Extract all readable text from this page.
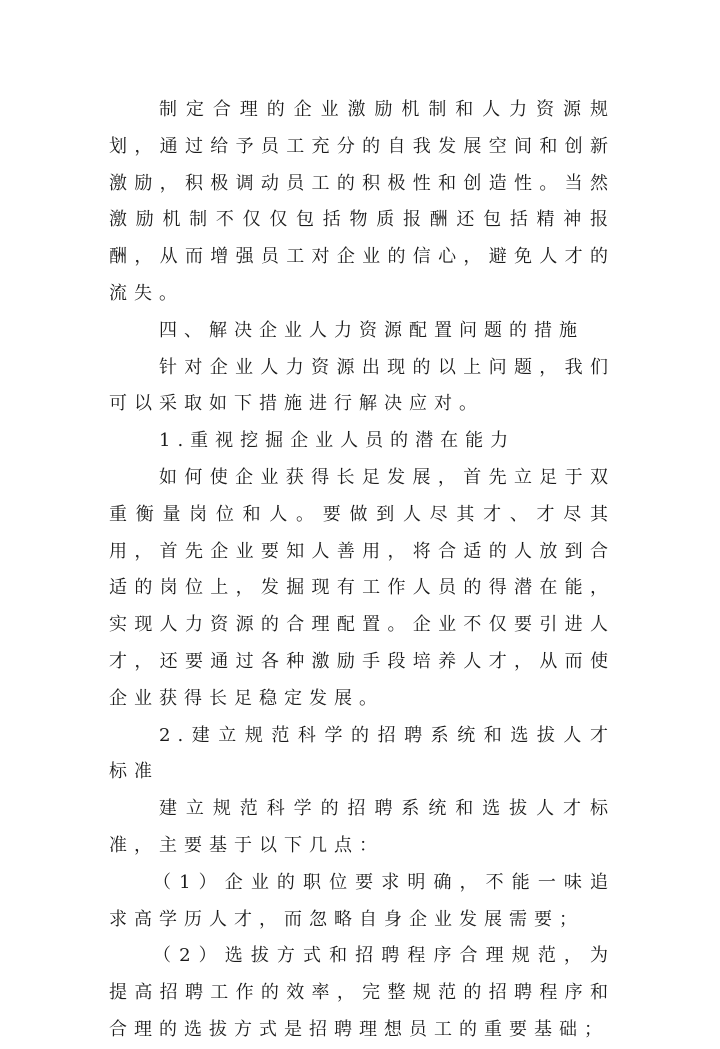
制定合理的企业激励机制和人力资源规划，通过给予员工充分的自我发展空间和创新激励，积极调动员工的积极性和创造性。当然激励机制不仅仅包括物质报酬还包括精神报酬，从而增强员工对企业的信心，避免人才的流失。

四、解决企业人力资源配置问题的措施

针对企业人力资源出现的以上问题，我们可以采取如下措施进行解决应对。

1.重视挖掘企业人员的潜在能力

如何使企业获得长足发展，首先立足于双重衡量岗位和人。要做到人尽其才、才尽其用，首先企业要知人善用，将合适的人放到合适的岗位上，发掘现有工作人员的得潜在能，实现人力资源的合理配置。企业不仅要引进人才，还要通过各种激励手段培养人才，从而使企业获得长足稳定发展。

2.建立规范科学的招聘系统和选拔人才标准

建立规范科学的招聘系统和选拔人才标准，主要基于以下几点：

（1）企业的职位要求明确，不能一味追求高学历人才，而忽略自身企业发展需要；

（2）选拔方式和招聘程序合理规范，为提高招聘工作的效率，完整规范的招聘程序和合理的选拔方式是招聘理想员工的重要基础；
